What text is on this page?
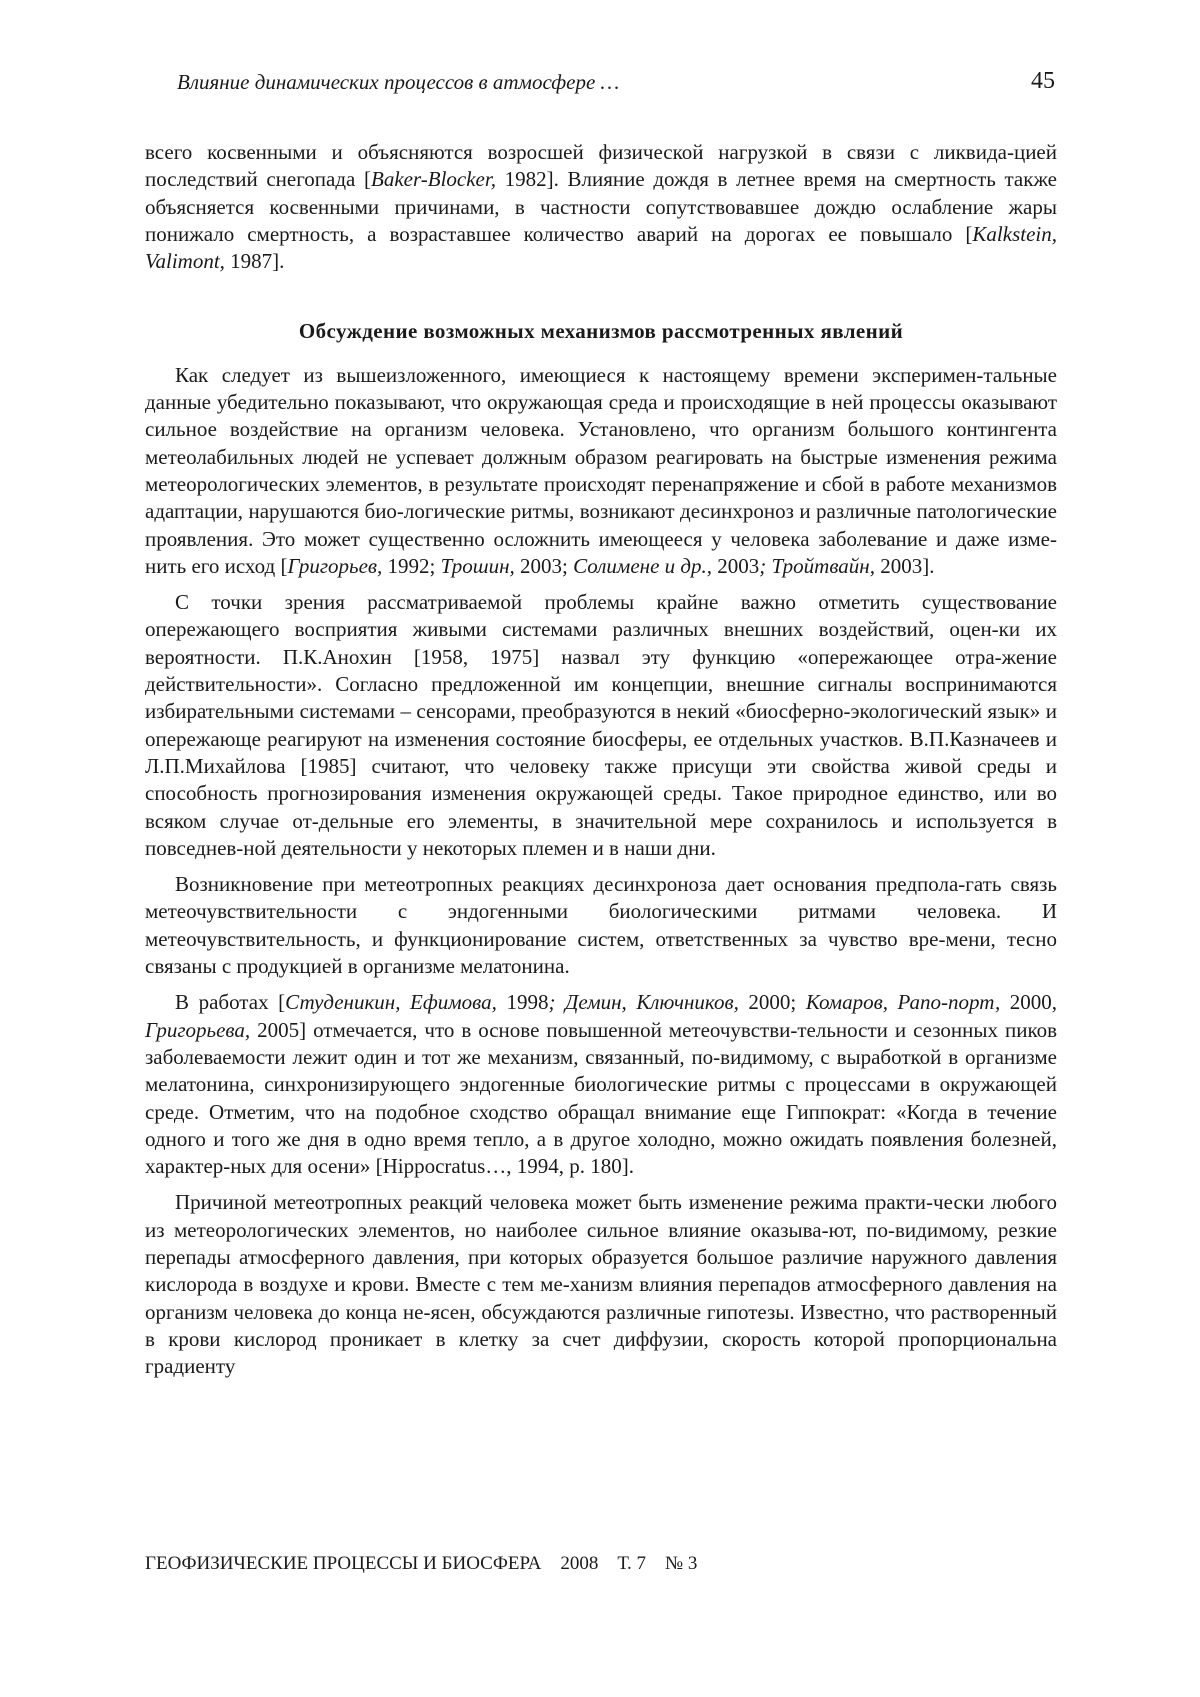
Влияние динамических процессов в атмосфере …	45

всего косвенными и объясняются возросшей физической нагрузкой в связи с ликвида-цией последствий снегопада [Baker-Blocker, 1982]. Влияние дождя в летнее время на смертность также объясняется косвенными причинами, в частности сопутствовавшее дождю ослабление жары понижало смертность, а возраставшее количество аварий на дорогах ее повышало [Kalkstein, Valimont, 1987].

Обсуждение возможных механизмов рассмотренных явлений

Как следует из вышеизложенного, имеющиеся к настоящему времени эксперимен-тальные данные убедительно показывают, что окружающая среда и происходящие в ней процессы оказывают сильное воздействие на организм человека. Установлено, что организм большого контингента метеолабильных людей не успевает должным образом реагировать на быстрые изменения режима метеорологических элементов, в результате происходят перенапряжение и сбой в работе механизмов адаптации, нарушаются био-логические ритмы, возникают десинхроноз и различные патологические проявления. Это может существенно осложнить имеющееся у человека заболевание и даже изме-нить его исход [Григорьев, 1992; Трошин, 2003; Солимене и др., 2003; Тройтвайн, 2003].

С точки зрения рассматриваемой проблемы крайне важно отметить существование опережающего восприятия живыми системами различных внешних воздействий, оцен-ки их вероятности. П.К.Анохин [1958, 1975] назвал эту функцию «опережающее отра-жение действительности». Согласно предложенной им концепции, внешние сигналы воспринимаются избирательными системами – сенсорами, преобразуются в некий «биосферно-экологический язык» и опережающе реагируют на изменения состояние биосферы, ее отдельных участков. В.П.Казначеев и Л.П.Михайлова [1985] считают, что человеку также присущи эти свойства живой среды и способность прогнозирования изменения окружающей среды. Такое природное единство, или во всяком случае от-дельные его элементы, в значительной мере сохранилось и используется в повседнев-ной деятельности у некоторых племен и в наши дни.

Возникновение при метеотропных реакциях десинхроноза дает основания предпола-гать связь метеочувствительности с эндогенными биологическими ритмами человека. И метеочувствительность, и функционирование систем, ответственных за чувство вре-мени, тесно связаны с продукцией в организме мелатонина.

В работах [Студеникин, Ефимова, 1998; Демин, Ключников, 2000; Комаров, Рапо-порт, 2000, Григорьева, 2005] отмечается, что в основе повышенной метеочувстви-тельности и сезонных пиков заболеваемости лежит один и тот же механизм, связанный, по-видимому, с выработкой в организме мелатонина, синхронизирующего эндогенные биологические ритмы с процессами в окружающей среде. Отметим, что на подобное сходство обращал внимание еще Гиппократ: «Когда в течение одного и того же дня в одно время тепло, а в другое холодно, можно ожидать появления болезней, характер-ных для осени» [Hippocratus…, 1994, p. 180].

Причиной метеотропных реакций человека может быть изменение режима практи-чески любого из метеорологических элементов, но наиболее сильное влияние оказыва-ют, по-видимому, резкие перепады атмосферного давления, при которых образуется большое различие наружного давления кислорода в воздухе и крови. Вместе с тем ме-ханизм влияния перепадов атмосферного давления на организм человека до конца не-ясен, обсуждаются различные гипотезы. Известно, что растворенный в крови кислород проникает в клетку за счет диффузии, скорость которой пропорциональна градиенту

ГЕОФИЗИЧЕСКИЕ ПРОЦЕССЫ И БИОСФЕРА 2008 Т. 7 № 3
